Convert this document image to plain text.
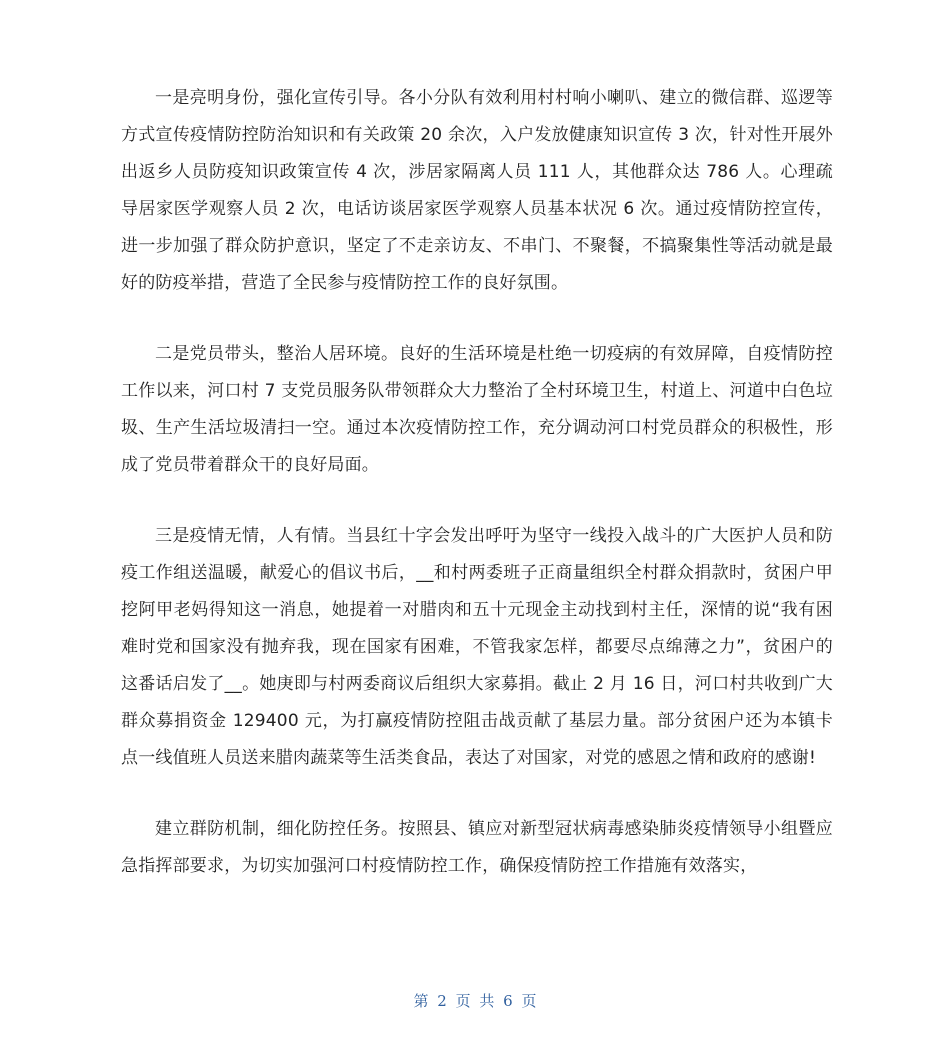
一是亮明身份，强化宣传引导。各小分队有效利用村村响小喇叭、建立的微信群、巡逻等方式宣传疫情防控防治知识和有关政策 20 余次，入户发放健康知识宣传 3 次，针对性开展外出返乡人员防疫知识政策宣传 4 次，涉居家隔离人员 111 人，其他群众达 786 人。心理疏导居家医学观察人员 2 次，电话访谈居家医学观察人员基本状况 6 次。通过疫情防控宣传，进一步加强了群众防护意识，坚定了不走亲访友、不串门、不聚餐，不搞聚集性等活动就是最好的防疫举措，营造了全民参与疫情防控工作的良好氛围。

二是党员带头，整治人居环境。良好的生活环境是杜绝一切疫病的有效屏障，自疫情防控工作以来，河口村 7 支党员服务队带领群众大力整治了全村环境卫生，村道上、河道中白色垃圾、生产生活垃圾清扫一空。通过本次疫情防控工作，充分调动河口村党员群众的积极性，形成了党员带着群众干的良好局面。

三是疫情无情，人有情。当县红十字会发出呼吁为坚守一线投入战斗的广大医护人员和防疫工作组送温暖，献爱心的倡议书后，__和村两委班子正商量组织全村群众捐款时，贫困户甲挖阿甲老妈得知这一消息，她提着一对腊肉和五十元现金主动找到村主任，深情的说“我有困难时党和国家没有抛弃我，现在国家有困难，不管我家怎样，都要尽点绵薄之力”，贫困户的这番话启发了__。她庚即与村两委商议后组织大家募捐。截止 2 月 16 日，河口村共收到广大群众募捐资金 129400 元，为打赢疫情防控阻击战贡献了基层力量。部分贫困户还为本镇卡点一线值班人员送来腊肉蔬菜等生活类食品，表达了对国家，对党的感恩之情和政府的感谢!

建立群防机制，细化防控任务。按照县、镇应对新型冠状病毒感染肺炎疫情领导小组暨应急指挥部要求，为切实加强河口村疫情防控工作，确保疫情防控工作措施有效落实，

第 2 页 共 6 页
